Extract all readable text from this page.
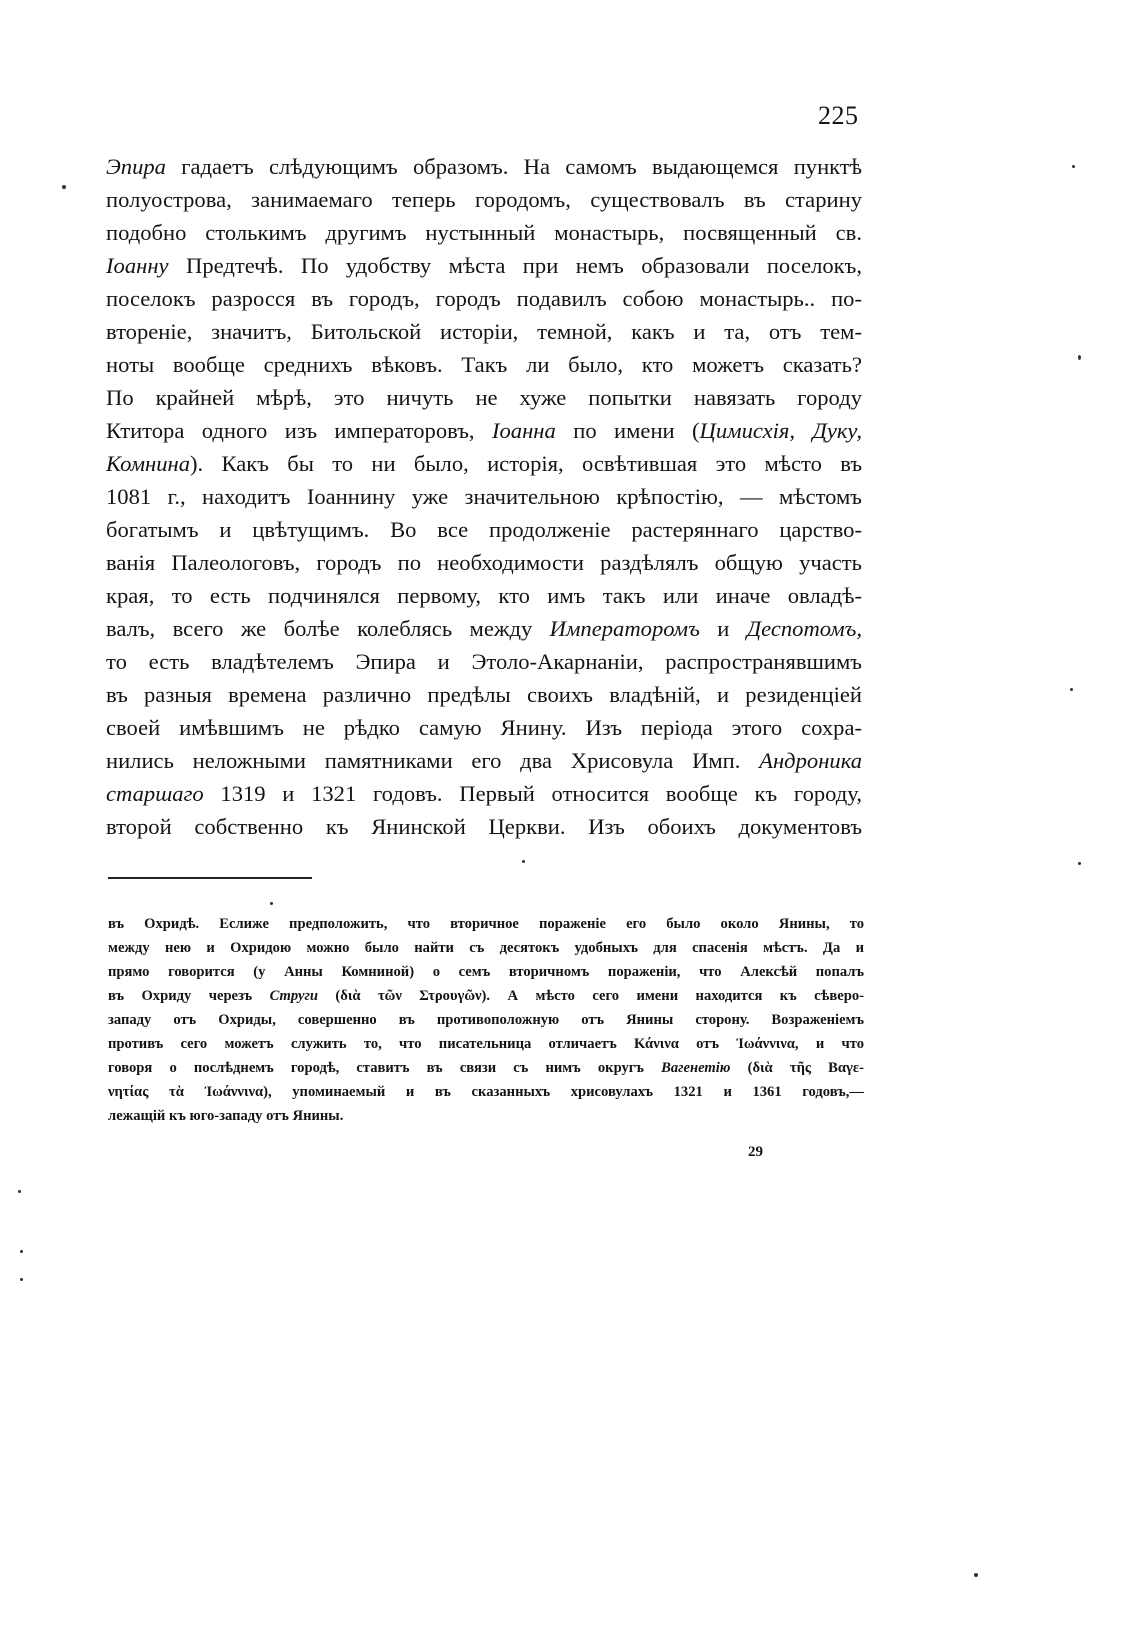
225
Эпира гадаетъ слѣдующимъ образомъ. На самомъ выдающемся пунктѣ
полуострова, занимаемаго теперь городомъ, существовалъ въ старину
подобно столькимъ другимъ нустынный монастырь, посвященный св.
Іоанну Предтечѣ. По удобству мѣста при немъ образовали поселокъ,
поселокъ разросся въ городъ, городъ подавилъ собою монастырь.. по-
втореніе, значитъ, Битольской исторіи, темной, какъ и та, отъ тем-
ноты вообще среднихъ вѣковъ. Такъ ли было, кто можетъ сказать?
По крайней мѣрѣ, это ничуть не хуже попытки навязать городу
Ктитора одного изъ императоровъ, Іоанна по имени (Цимисхія, Дуку,
Комнина). Какъ бы то ни было, исторія, освѣтившая это мѣсто въ
1081 г., находитъ Іоаннину уже значительною крѣпостію, — мѣстомъ
богатымъ и цвѣтущимъ. Во все продолженіе растеряннаго царство-
ванія Палеологовъ, городъ по необходимости раздѣлялъ общую участь
края, то есть подчинялся первому, кто имъ такъ или иначе овладѣ-
валъ, всего же болѣе колеблясь между Императоромъ и Деспотомъ,
то есть владѣтелемъ Эпира и Этоло-Акарнаніи, распространявшимъ
въ разныя времена различно предѣлы своихъ владѣній, и резиденціей
своей имѣвшимъ не рѣдко самую Янину. Изъ періода этого сохра-
нились неложными памятниками его два Хрисовула Имп. Андроника
старшаго 1319 и 1321 годовъ. Первый относится вообще къ городу,
второй собственно къ Янинской Церкви. Изъ обоихъ документовъ
въ Охридѣ. Еслиже предположить, что вторичное пораженіе его было около Янины, то
между нею и Охридою можно было найти съ десятокъ удобныхъ для спасенія мѣстъ. Да и
прямо говорится (у Анны Комниной) о семъ вторичномъ пораженіи, что Алексѣй попалъ
въ Охриду черезъ Струги (διὰ τῶν Στρουγῶν). А мѣсто сего имени находится къ сѣверо-
западу отъ Охриды, совершенно въ противоположную отъ Янины сторону. Возраженіемъ
противъ сего можетъ служить то, что писательница отличаетъ Κάνινα отъ Ἰωάννινα, и что
говоря о послѣднемъ городѣ, ставитъ въ связи съ нимъ округъ Вагенетію (διὰ τῆς Βαγε-
νητίας τὰ Ἰωάννινα), упоминаемый и въ сказанныхъ хрисовулахъ 1321 и 1361 годовъ,—
лежащій къ юго-западу отъ Янины.
29
